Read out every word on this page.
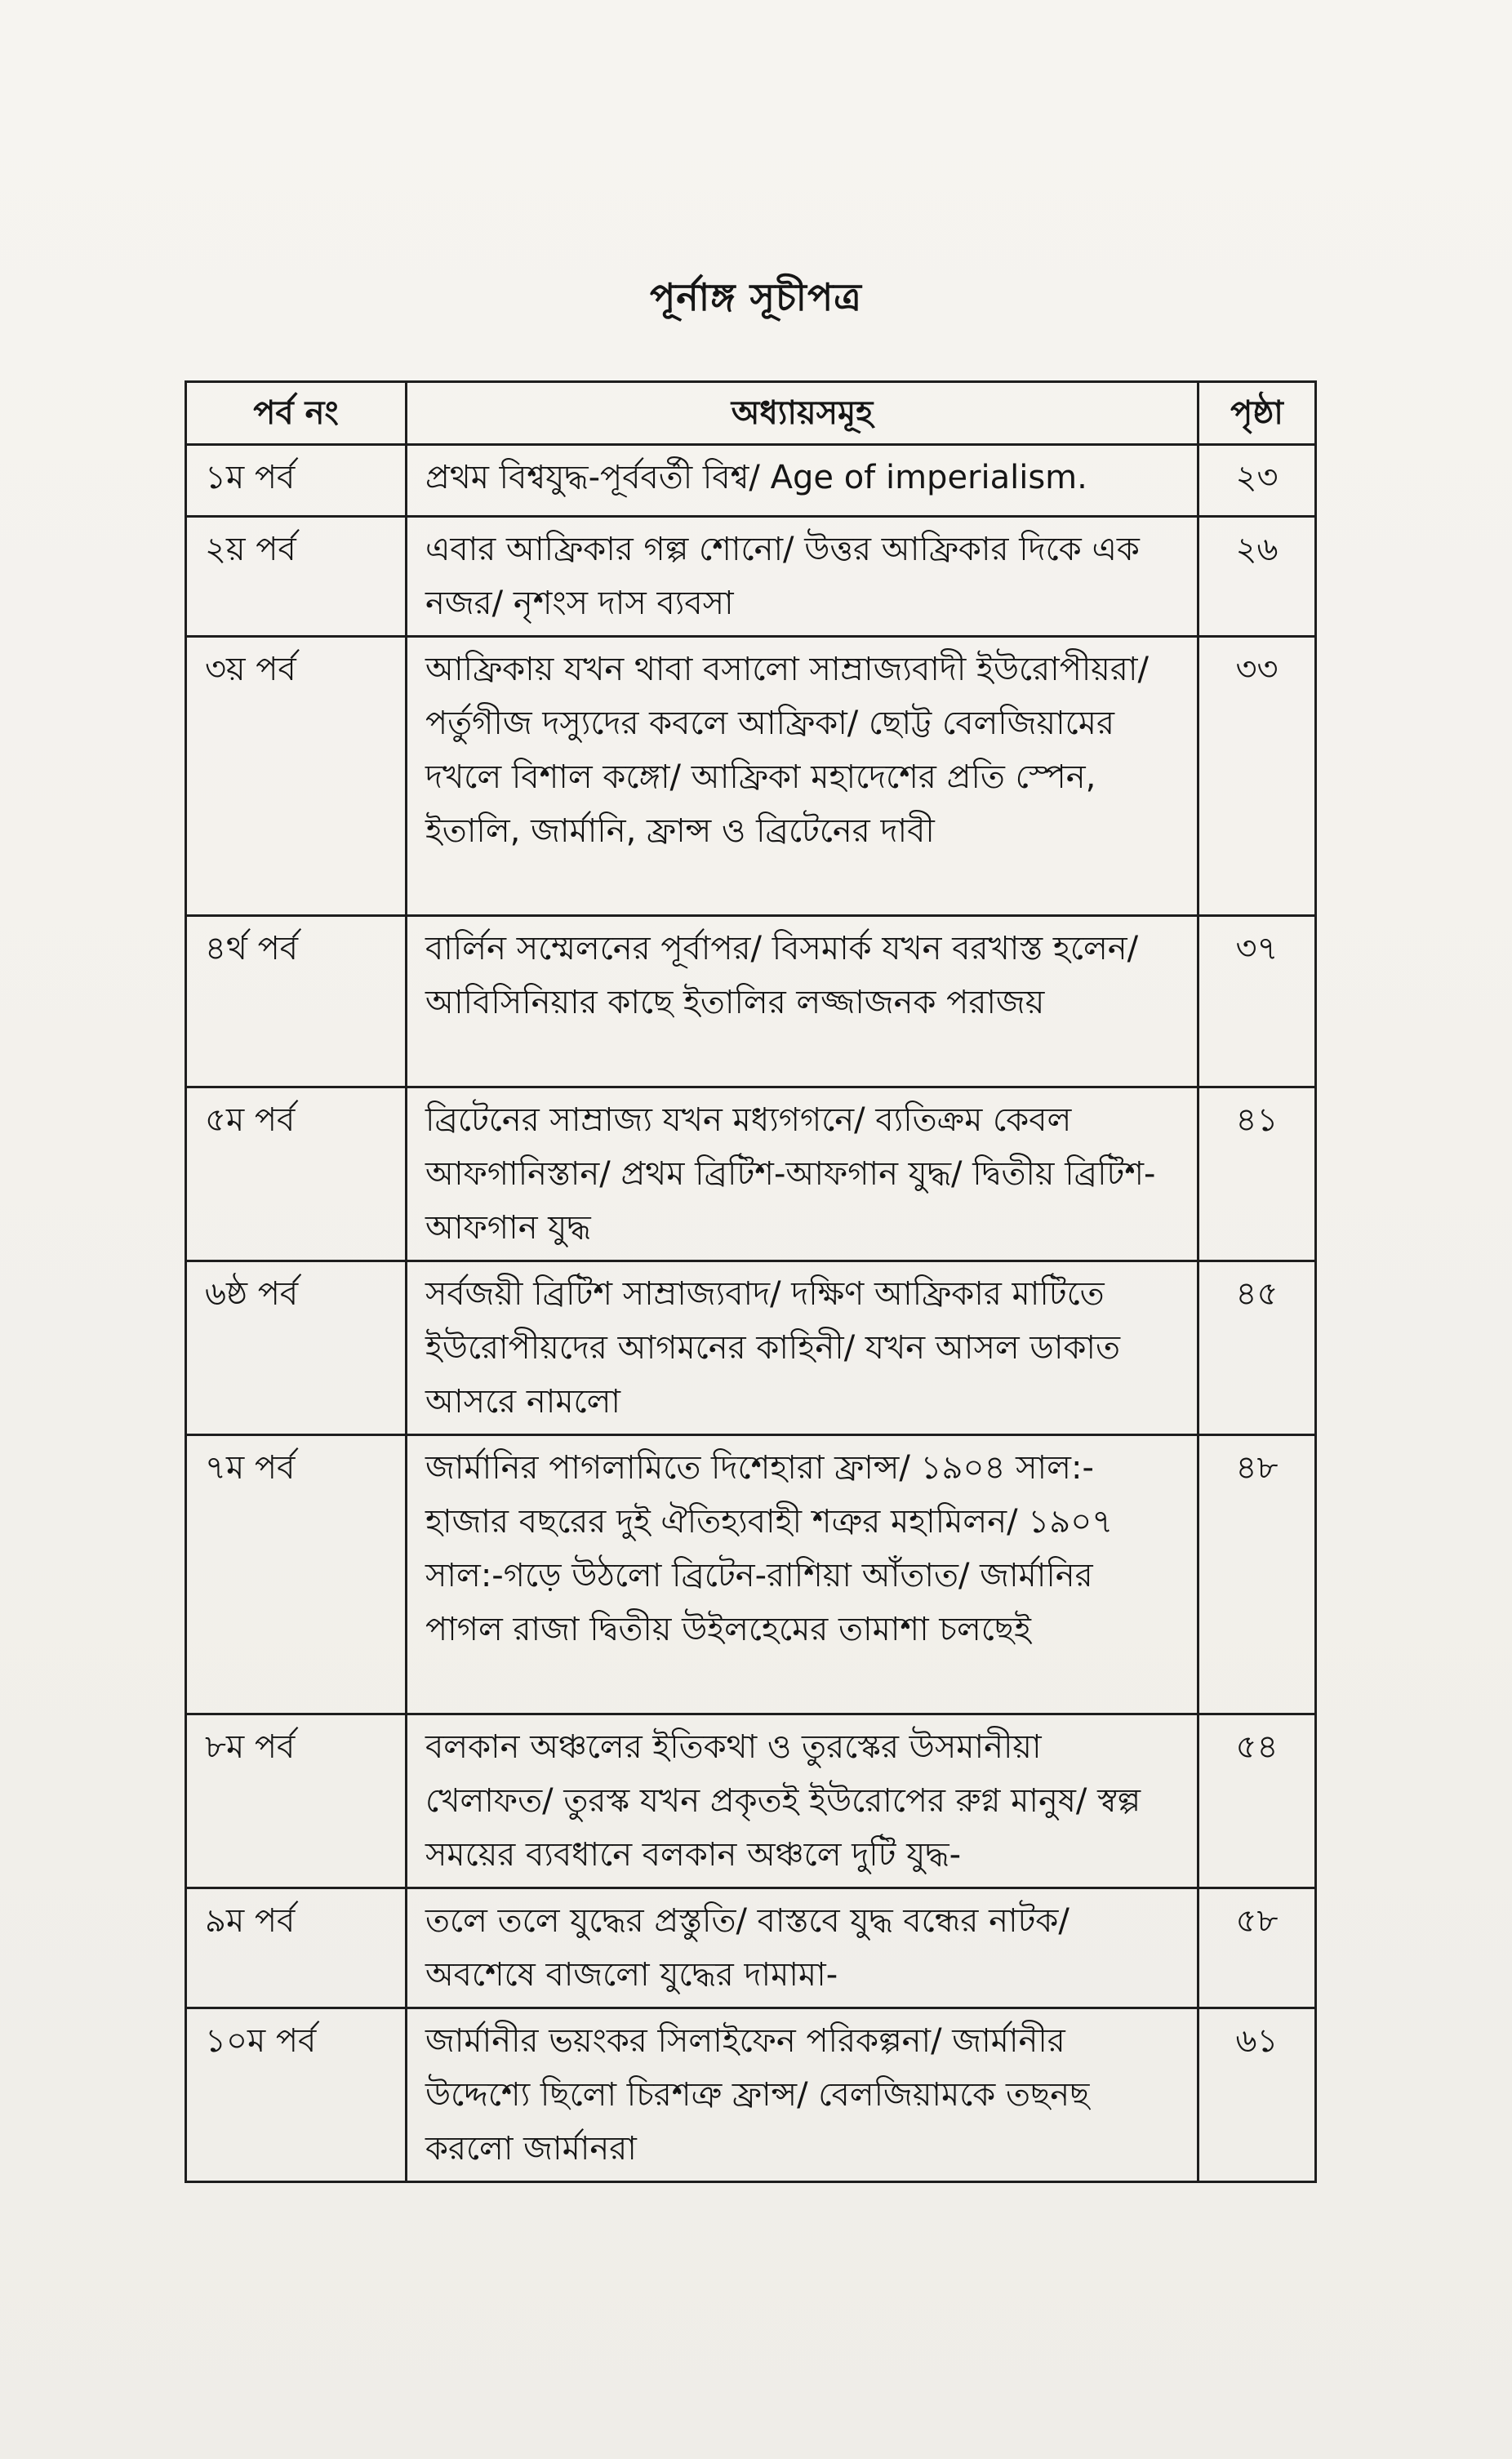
পূর্নাঙ্গ সূচীপত্র
পর্ব নং	অধ্যায়সমূহ	পৃষ্ঠা
১ম পর্ব	প্রথম বিশ্বযুদ্ধ-পূর্ববর্তী বিশ্ব/ Age of imperialism.	২৩
২য় পর্ব	এবার আফ্রিকার গল্প শোনো/ উত্তর আফ্রিকার দিকে এক নজর/ নৃশংস দাস ব্যবসা	২৬
৩য় পর্ব	আফ্রিকায় যখন থাবা বসালো সাম্রাজ্যবাদী ইউরোপীয়রা/ পর্তুগীজ দস্যুদের কবলে আফ্রিকা/ ছোট্ট বেলজিয়ামের দখলে বিশাল কঙ্গো/ আফ্রিকা মহাদেশের প্রতি স্পেন, ইতালি, জার্মানি, ফ্রান্স ও ব্রিটেনের দাবী	৩৩
৪র্থ পর্ব	বার্লিন সম্মেলনের পূর্বাপর/ বিসমার্ক যখন বরখাস্ত হলেন/ আবিসিনিয়ার কাছে ইতালির লজ্জাজনক পরাজয়	৩৭
৫ম পর্ব	ব্রিটেনের সাম্রাজ্য যখন মধ্যগগনে/ ব্যতিক্রম কেবল আফগানিস্তান/ প্রথম ব্রিটিশ-আফগান যুদ্ধ/ দ্বিতীয় ব্রিটিশ-আফগান যুদ্ধ	৪১
৬ষ্ঠ পর্ব	সর্বজয়ী ব্রিটিশ সাম্রাজ্যবাদ/ দক্ষিণ আফ্রিকার মাটিতে ইউরোপীয়দের আগমনের কাহিনী/ যখন আসল ডাকাত আসরে নামলো	৪৫
৭ম পর্ব	জার্মানির পাগলামিতে দিশেহারা ফ্রান্স/ ১৯০৪ সাল:- হাজার বছরের দুই ঐতিহ্যবাহী শত্রুর মহামিলন/ ১৯০৭ সাল:-গড়ে উঠলো ব্রিটেন-রাশিয়া আঁতাত/ জার্মানির পাগল রাজা দ্বিতীয় উইলহেমের তামাশা চলছেই	৪৮
৮ম পর্ব	বলকান অঞ্চলের ইতিকথা ও তুরস্কের উসমানীয়া খেলাফত/ তুরস্ক যখন প্রকৃতই ইউরোপের রুগ্ন মানুষ/ স্বল্প সময়ের ব্যবধানে বলকান অঞ্চলে দুটি যুদ্ধ-	৫৪
৯ম পর্ব	তলে তলে যুদ্ধের প্রস্তুতি/ বাস্তবে যুদ্ধ বন্ধের নাটক/ অবশেষে বাজলো যুদ্ধের দামামা-	৫৮
১০ম পর্ব	জার্মানীর ভয়ংকর সিলাইফেন পরিকল্পনা/ জার্মানীর উদ্দেশ্যে ছিলো চিরশত্রু ফ্রান্স/ বেলজিয়ামকে তছনছ করলো জার্মানরা	৬১
